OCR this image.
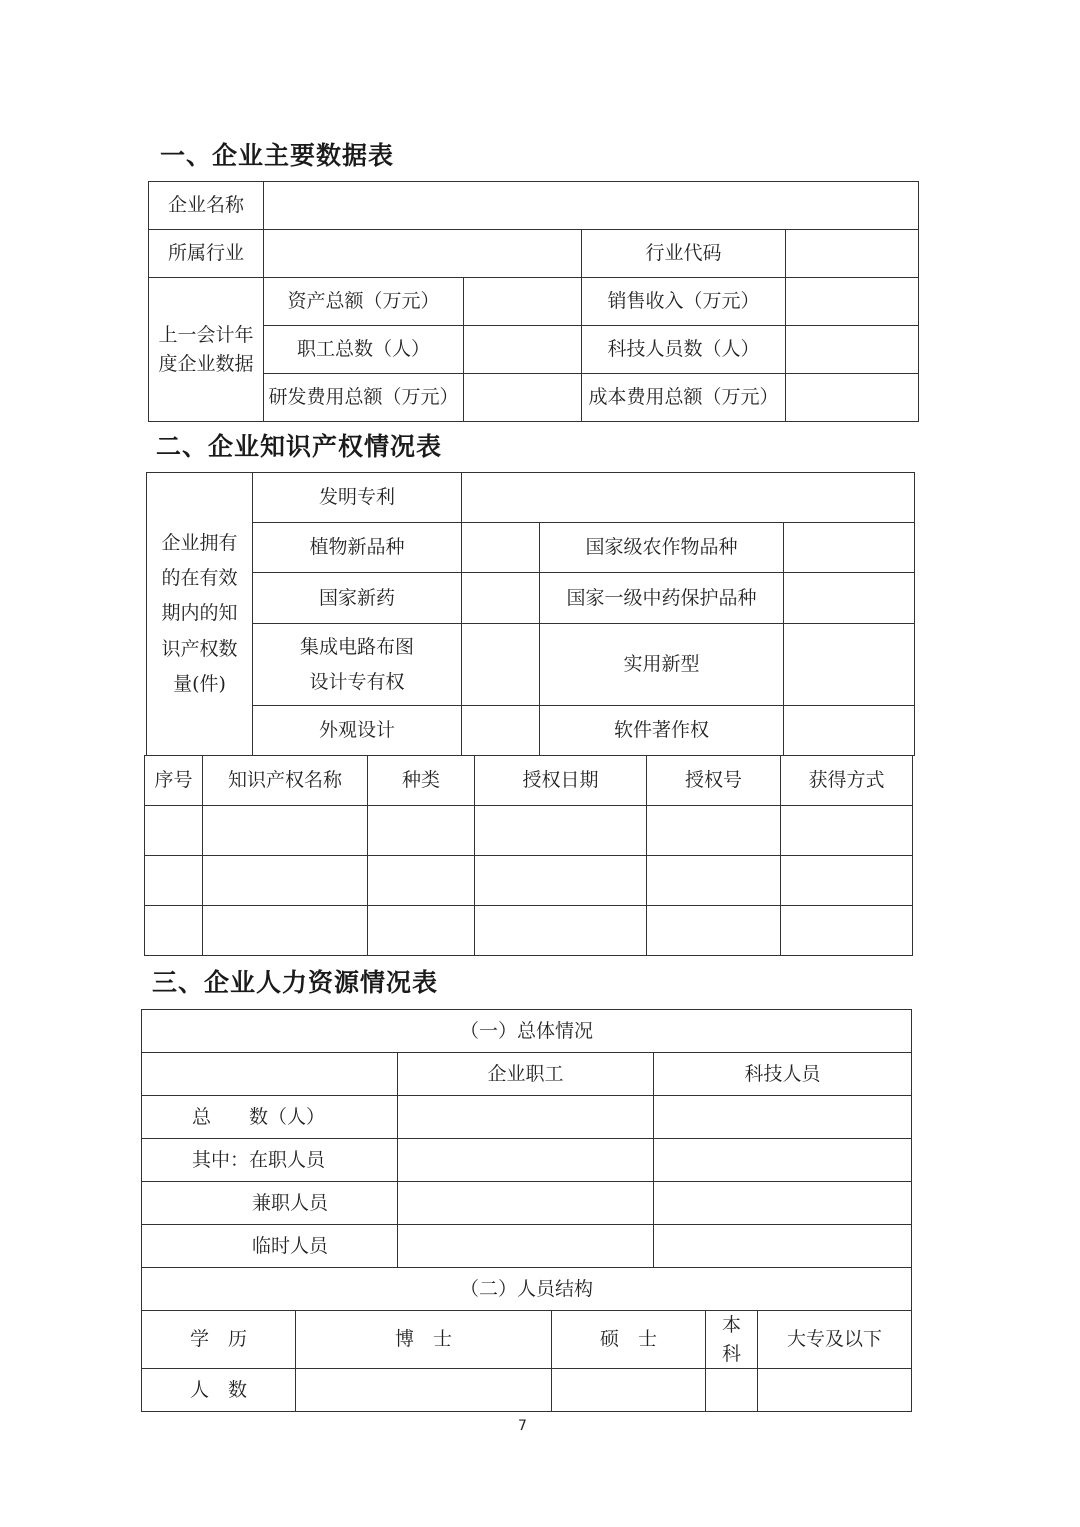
一、企业主要数据表
企业名称				
所属行业			行业代码	
上一会计年度企业数据	资产总额（万元）		销售收入（万元）	
	职工总数（人）		科技人员数（人）	
	研发费用总额（万元）		成本费用总额（万元）	
二、企业知识产权情况表
企业拥有的在有效期内的知识产权数量(件)	发明专利			
	植物新品种		国家级农作物品种	
	国家新药		国家一级中药保护品种	

	集成电路布图
设计专有权		实用新型	
	外观设计		软件著作权	
序号	知识产权名称	种类	授权日期	授权号	获得方式

三、企业人力资源情况表
（一）总体情况						
		企业职工		科技人员		
总　　数（人）						
其中：在职人员						
兼职人员						
临时人员						
（二）人员结构						
学　历	博　士		硕　士		本　科	大专及以下
人　数						
7
